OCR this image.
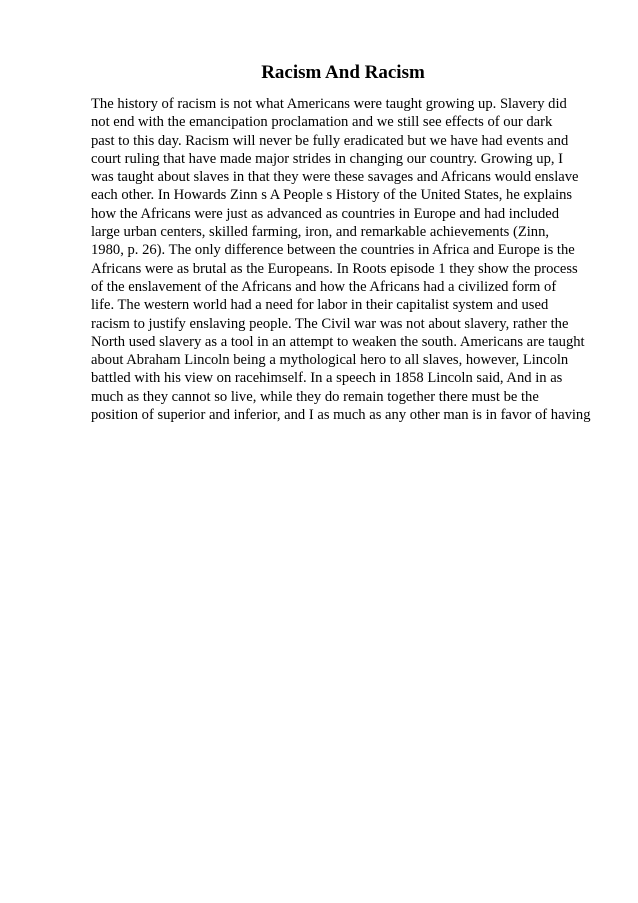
Racism And Racism
The history of racism is not what Americans were taught growing up. Slavery did
not end with the emancipation proclamation and we still see effects of our dark
past to this day. Racism will never be fully eradicated but we have had events and
court ruling that have made major strides in changing our country. Growing up, I
was taught about slaves in that they were these savages and Africans would enslave
each other. In Howards Zinn s A People s History of the United States, he explains
how the Africans were just as advanced as countries in Europe and had included
large urban centers, skilled farming, iron, and remarkable achievements (Zinn,
1980, p. 26). The only difference between the countries in Africa and Europe is the
Africans were as brutal as the Europeans. In Roots episode 1 they show the process
of the enslavement of the Africans and how the Africans had a civilized form of
life. The western world had a need for labor in their capitalist system and used
racism to justify enslaving people. The Civil war was not about slavery, rather the
North used slavery as a tool in an attempt to weaken the south. Americans are taught
about Abraham Lincoln being a mythological hero to all slaves, however, Lincoln
battled with his view on racehimself. In a speech in 1858 Lincoln said, And in as
much as they cannot so live, while they do remain together there must be the
position of superior and inferior, and I as much as any other man is in favor of having
